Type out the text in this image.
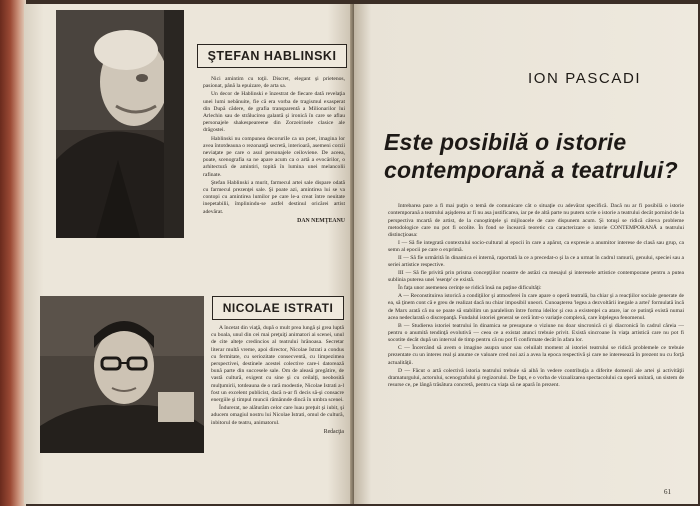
ŞTEFAN HABLINSKI

Nici amintim cu toţii. Discret, elegant şi prietenos, pasionat, până la epuizare, de arta sa.

Un decor de Hablinski e înzestrat de fiecare dată revelaţia unei lumi nebănuite, fie că era vorba de tragismul exasperat din După cădere, de grafia transparentă a Milionarilor lui Arlechin sau de strălucirea galantă şi ironică în care se aflau personajele shakespeareene din Zorzeirinele clasice ale drăgostei.

Hablinski nu compunea decoruriIe ca un poet, imagina lor avea întotdeauna o rezonanţă secretă, interioară, asemeni corzii neviaţate pe care o asul personajele ceiloviene. De aceea, poate, scenografia sa ne apare acum ca o artă a evocărilor, o arhitectură de amintiri, topită în lumina unei melancolii rafinate.

Ştefan Hablinski a murit, farmecul artei sale dispare odată cu farmecul prezenţei sale. Şi poate azi, amintirea lui se va contopi cu amintirea lumilor pe care le-a creat între neuitate inepetabilii, împlinindu-se astfel destinul oricărei artist adevărat.

DAN NEMŢEANU
NICOLAE ISTRATI

A încetat din viaţă, după o mult prea lungă şi grea luptă cu boala, unul din cei mai preţuiţi animatori ai scenei, unul de cite alteţe credincios al teatrului hrănoasa. Secretar literar multă vreme, apoi director, Nicolae Istrati a condus cu fermitate, cu seriozitate consecventă, cu limpezimea perspectivei, destinele acestei colective care-i datorează bună parte din succesele sale. Om de aleasă pregătire, de vastă cultură, exigent cu sine şi cu ceilalţi, neobosită mulţumirii, totdeauna de o rară modestie, Nicolae Istrati a-l fost un excelent publicist, dacă n-ar fi decis să-şi consacre energiile şi timpul muncii rămânnde dincă în umbra scenei.

Îndurerat, ne alăturăm celor care luau preţuit şi iubit, şi aducem omagiul nostru lui Nicolae Istrati, omul de cultură, inbitorul de teatru, animatorul.

Redacţia
ION PASCADI
Este posibilă o istorie
contemporană a teatrului?

Intrebarea pare a fi mai puţin o temă de comunicare cât o situaţie cu adevărat specifică. Dacă nu ar fi posibilă o istorie contemporană a teatrului aşişderea ar fi nu asa justificarea, iar pe de altă parte nu putem scrie o istorie a teatrului decât pornind de la perspectiva mcartă de artist, de la cunoştinţele şi mijloacele de care dispunem acum. Şi totuşi se ridică câteva probleme metodologice care nu pot fi ocolite. În fond se încearcă teoretic ca caracterizare o istorie CONTEMPORANĂ a teatrului distincţioasa:

I — Să fie integrată contextului socio-cultural al epocii în care a apărut, ca expresie a anumitor interese de clasă sau grup, ca semn al epocii pe care o exprimă.

II — Să fie urmărită în dinamica ei internă, raportată la ce a precedat-o şi la ce a urmat în cadrul ramurii, genului, speciei sau a seriei artistice respective.

III — Să fie privită prin prisma concepţiilor noastre de astăzi ca mesajul şi interesele artistice contemporane pentru a putea sublinia puterea unei 'esenţe' ce există.

În faţa unor asemenea cerinţe se ridică însă nu puţine dificultăţi:

A — Reconstituirea istorică a condiţiilor şi atmosferei în care apare o operă teatrală, ba chiar şi a reacţiilor sociale generate de ea, să ţinem cont că e greu de realizat dacă nu chiar imposibil uneori. Cunoaşterea 'legea a dezvoltării inegale a artei' formulată încă de Marx arată că nu se poate să stabilim un paralelism între forma ideilor şi cea a existenţei ca atare, iar ce putinţă există numai acea nedeclarată o discrepanţă. Fundalul istoriei general se ceră într-o variaţie complexă, care înţelegea fenomenul.

B — Studierea istoriei teatrului în dinamica se presupune o viziune nu doar sincronică ci şi diacronică în cadrul căreia — pentru o anumită tendinţă evolutivă — ceea ce a existat atunci trebuie privit. Există sincroane în viaţa artistică care nu pot fi socotite decât după un interval de timp pentru că nu pot fi confirmate decât în afara lor.

C — Încercând să avem o imagine asupra unor sau celuilalt moment al istoriei teatrului se ridică problemele ce trebuie prezentate cu un interes real şi anume ce valoare cred noi azi a avea la epoca respectivă şi care ne interesează în prezent nu cu forţă actualităţii.

D — Făcut o artă colectivă istoria teatrului trebuie să aibă în vedere contribuţia a diferite domenii ale artei şi activităţii dramaturgului, actorului, scenografului şi regizorului. De fapt, e o vorba de vizualizarea spectacolului ca operă unitară, un sistem de resurse ce, pe lângă trăsătura concretă, pentru ca viaţa să ne apară în prezent.

61
